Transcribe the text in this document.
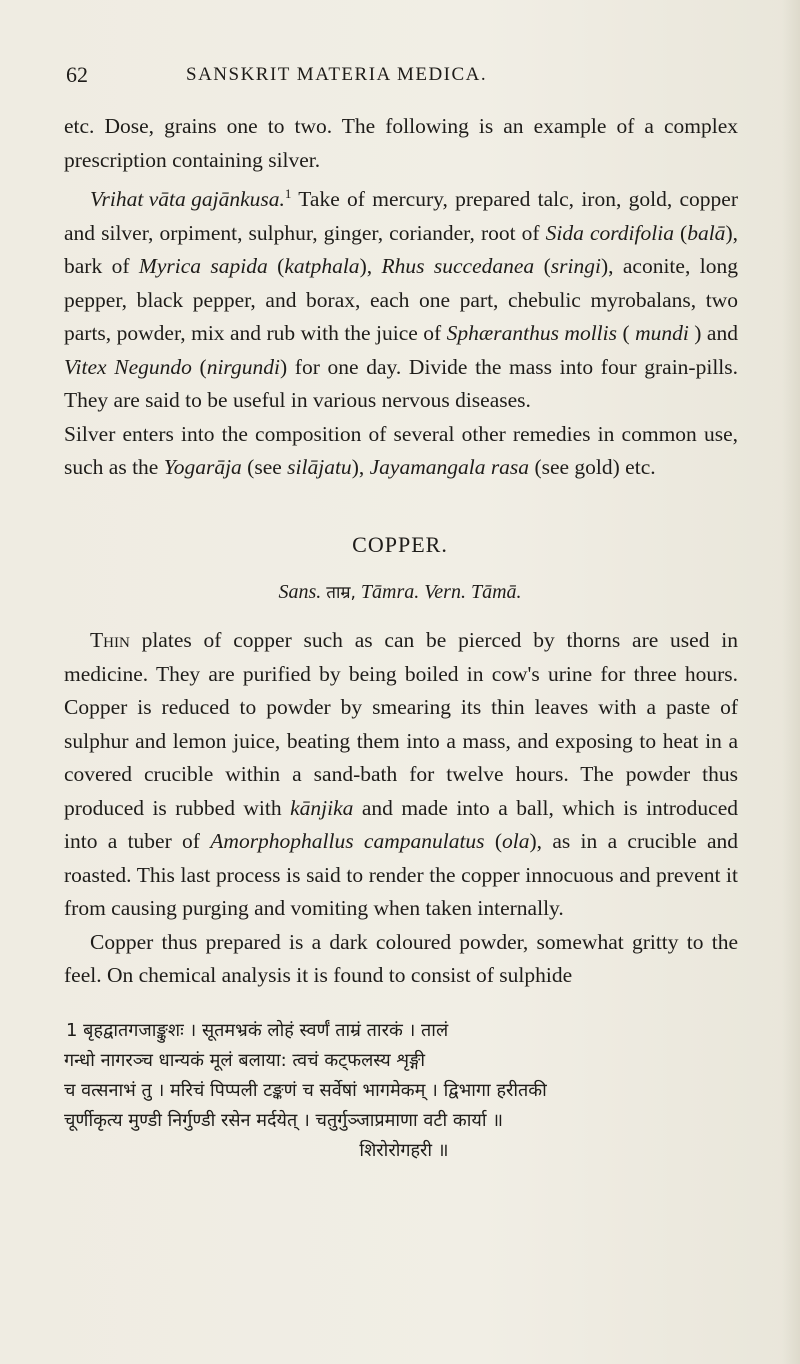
62	SANSKRIT MATERIA MEDICA.

etc. Dose, grains one to two. The following is an example of a complex prescription containing silver.
Vrihat vāta gajānkusa.$^1$ Take of mercury, prepared talc, iron, gold, copper and silver, orpiment, sulphur, ginger, coriander, root of Sida cordifolia (balā), bark of Myrica sapida (katphala), Rhus succedanea (sringi), aconite, long pepper, black pepper, and borax, each one part, chebulic myrobalans, two parts, powder, mix and rub with the juice of Sphæranthus mollis ( mundi ) and Vitex Negundo (nirgundi) for one day. Divide the mass into four grain-pills. They are said to be useful in various nervous diseases.

Silver enters into the composition of several other remedies in common use, such as the Yogarāja (see silājatu), Jayamangala rasa (see gold) etc.

COPPER.
Sans. ताम्र, Tāmra. Vern. Tāmā.

Thin plates of copper such as can be pierced by thorns are used in medicine. They are purified by being boiled in cow's urine for three hours. Copper is reduced to powder by smearing its thin leaves with a paste of sulphur and lemon juice, beating them into a mass, and exposing to heat in a covered crucible within a sand-bath for twelve hours. The powder thus produced is rubbed with kānjika and made into a ball, which is introduced into a tuber of Amorphophallus campanulatus (ola), as in a crucible and roasted. This last process is said to render the copper innocuous and prevent it from causing purging and vomiting when taken internally.

Copper thus prepared is a dark coloured powder, somewhat gritty to the feel. On chemical analysis it is found to consist of sulphide

1 बृहद्वातगजाङ्कुशः । सूतमभ्रकं लोहं स्वर्णं ताम्रं तारकं । तालं
गन्धो नागरञ्च धान्यकं मूलं बलाया: त्वचं कट्फलस्य शृङ्गी
च वत्सनाभं तु । मरिचं पिप्पली टङ्कणं च सर्वेषां भागमेकम् । द्विभागा हरीतकी
चूर्णीकृत्य मुण्डी निर्गुण्डी रसेन मर्दयेत् । चतुर्गुञ्जाप्रमाणा वटी कार्या ॥
शिरोरोगहरी ॥
